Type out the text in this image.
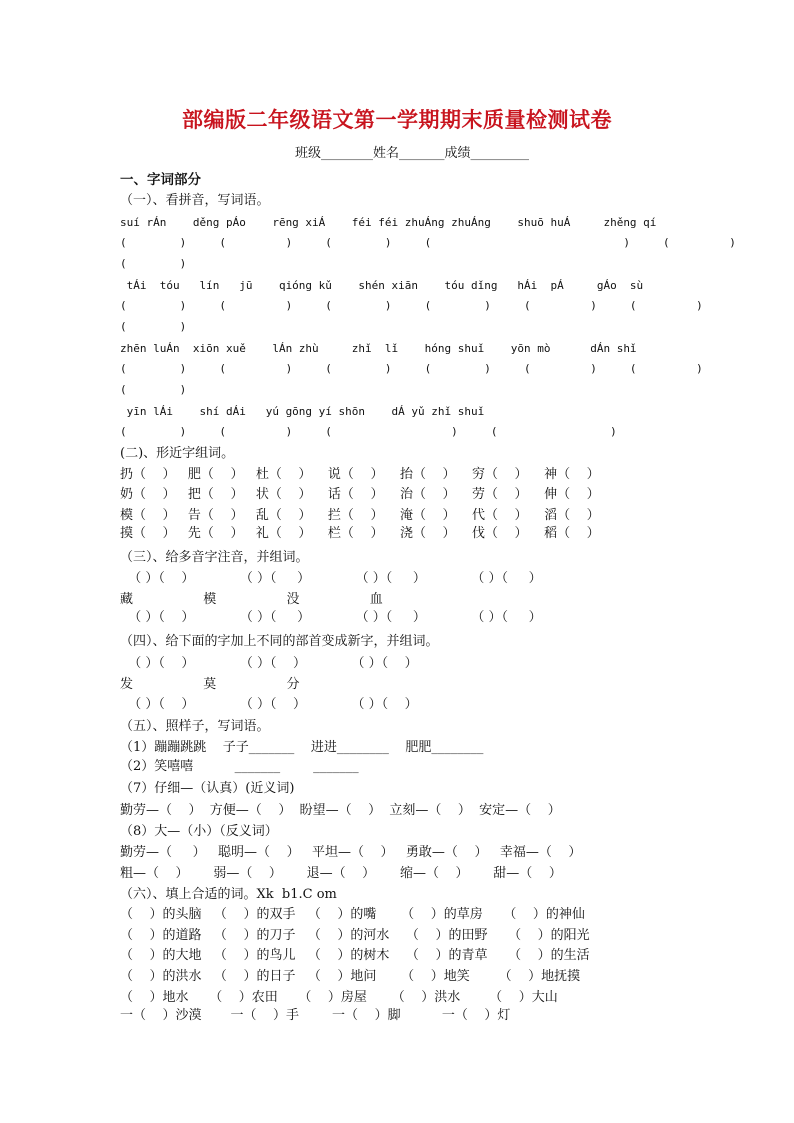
部编版二年级语文第一学期期末质量检测试卷
班级________姓名_______成绩_________
一、字词部分
（一）、看拼音，写词语。
suí rÁn    děng pÁo    rēng xiÁ    féi féi zhuÁng zhuÁng    shuō huÁ     zhěng qí
(        )     (         )     (        )     (                             )     (         )
(        )
tÁi  tóu   lín   jū    qióng kǔ    shén xiān    tóu dǐng   hÁi  pÁ     gÁo  sù
(        )     (         )     (        )     (        )     (         )     (         )
(        )
zhēn luÁn  xiōn xuě    lÁn zhù     zhǐ  lǐ    hóng shuǐ    yōn mò      dÁn shǐ
(        )     (         )     (        )     (        )     (         )     (         )
(        )
yīn lÁi    shí dÁi   yú gōng yí shōn    dÁ yǔ zhǐ shuǐ
(        )     (         )     (                  )     (                 )
(二)、形近字组词。
扔（    ）   肥（    ）   杜（    ）    说（    ）    抬（    ）    穷（    ）    神（    ）
奶（    ）   把（    ）   状（    ）    话（    ）    治（    ）    劳（    ）    伸（    ）
模（    ）   告（    ）   乱（    ）    拦（    ）    淹（    ）    代（    ）    滔（    ）
摸（    ）   先（    ）   礼（    ）    栏（    ）    浇（    ）    伐（    ）    稻（    ）
（三）、给多音字注音，并组词。
（ ）（    ）           （ ）（     ）           （ ）（     ）           （ ）（     ）
藏                 模                 没                 血
（ ）（    ）           （ ）（     ）           （ ）（     ）           （ ）（     ）
（四）、给下面的字加上不同的部首变成新字，并组词。
（ ）（    ）           （ ）（    ）           （ ）（    ）
发                 莫                 分
（ ）（    ）           （ ）（    ）           （ ）（    ）
（五）、照样子，写词语。
（1）蹦蹦跳跳    子子_______    进进________    肥肥________
（2）笑嘻嘻          _______        _______
（7）仔细—（认真）(近义词)
勤劳—（    ）  方便—（    ）  盼望—（    ）  立刻—（    ）  安定—（    ）
（8）大—（小）（反义词）
勤劳—（     ）   聪明—（    ）   平坦—（    ）   勇敢—（    ）   幸福—（    ）
粗—（    ）      弱—（    ）      退—（    ）      缩—（    ）      甜—（    ）
（六）、填上合适的词。Xk  b1.C om
（    ）的头脑   （    ）的双手   （    ）的嘴      （    ）的草房     （    ）的神仙
（    ）的道路   （    ）的刀子   （    ）的河水    （    ）的田野     （    ）的阳光
（    ）的大地   （    ）的鸟儿   （    ）的树木    （    ）的青草     （    ）的生活
（    ）的洪水   （    ）的日子   （    ）地问      （    ）地笑       （    ）地抚摸
（    ）地水     （    ）农田     （    ）房屋      （    ）洪水       （    ）大山
一（    ）沙漠       一（    ）手        一（    ）脚          一（    ）灯
